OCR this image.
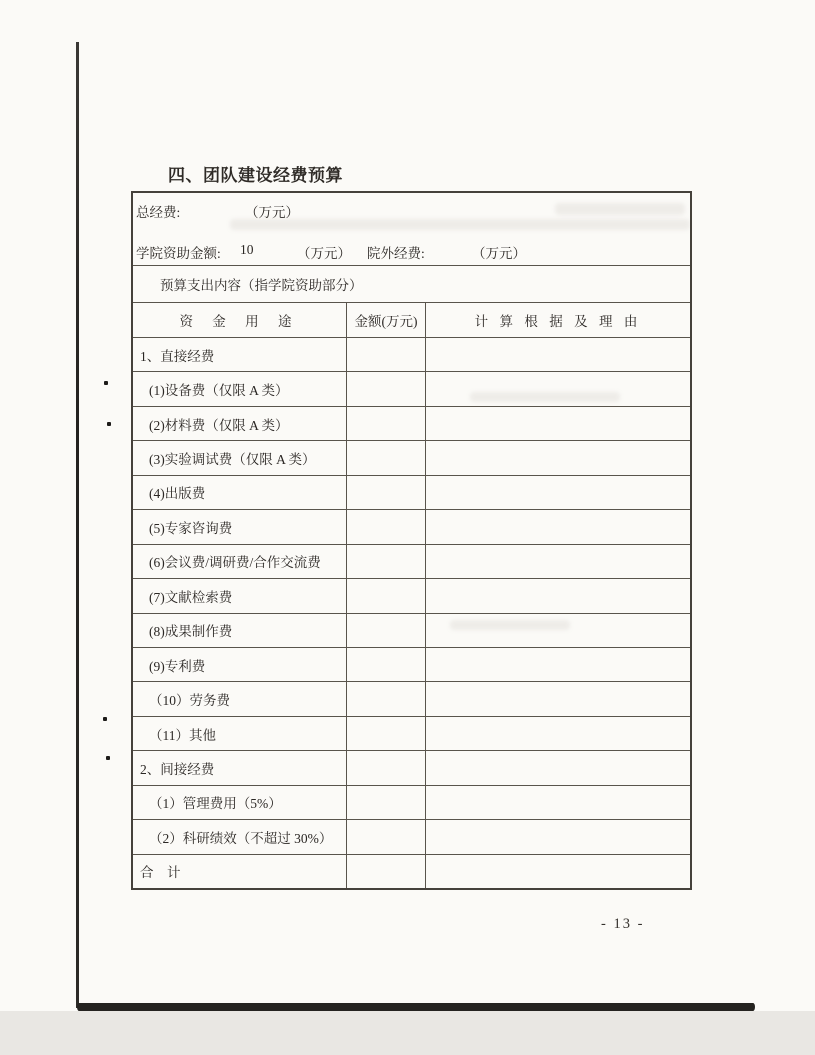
四、团队建设经费预算
总经费:	（万元）
学院资助金额: 10	（万元） 院外经费:	（万元）
预算支出内容（指学院资助部分）
资 金 用 途	金额(万元)	计 算 根 据 及 理 由
1、直接经费
(1)设备费（仅限 A 类）
(2)材料费（仅限 A 类）
(3)实验调试费（仅限 A 类）
(4)出版费
(5)专家咨询费
(6)会议费/调研费/合作交流费
(7)文献检索费
(8)成果制作费
(9)专利费
（10）劳务费
（11）其他
2、间接经费
（1）管理费用（5%）
（2）科研绩效（不超过 30%）
合　计
- 13 -
